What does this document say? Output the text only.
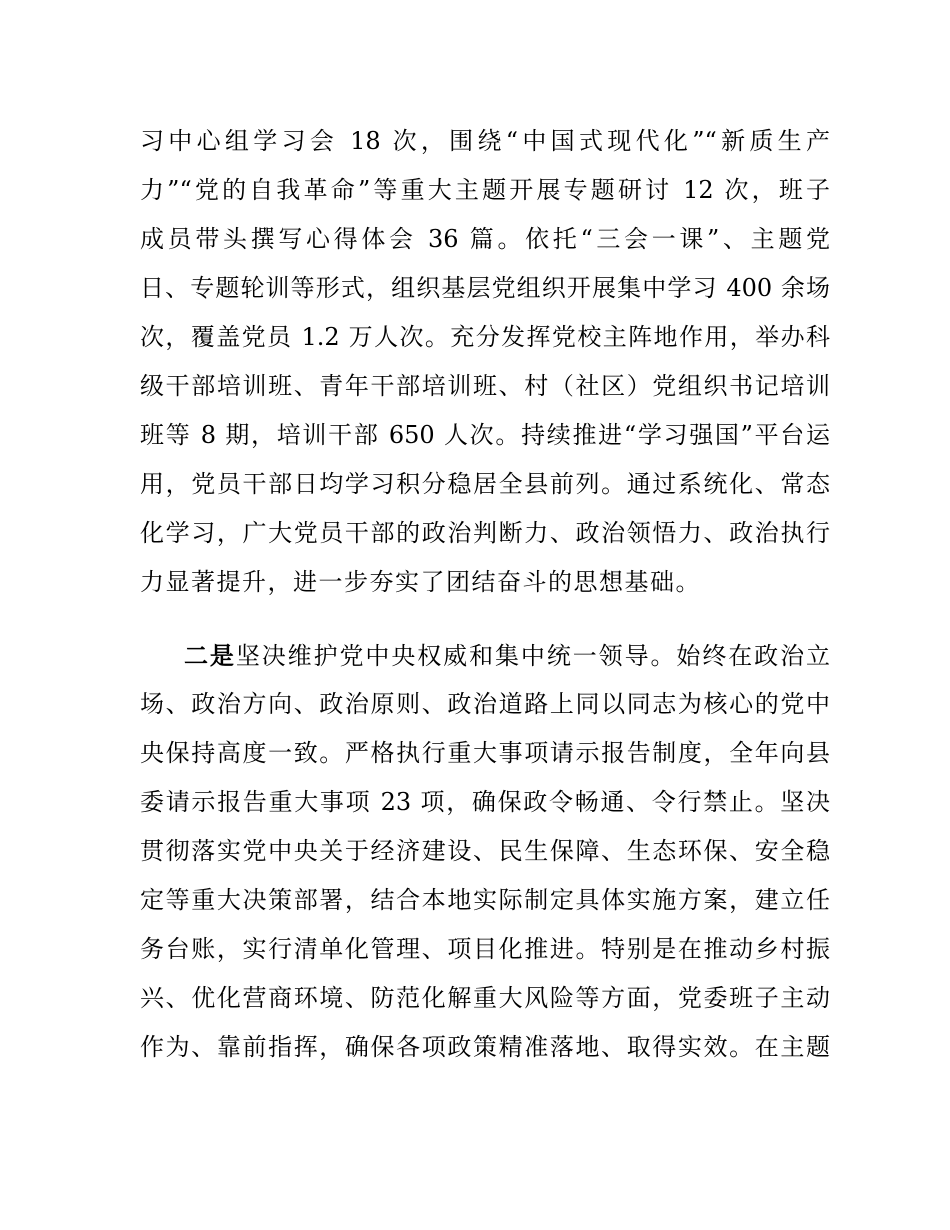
习中心组学习会 18 次，围绕“中国式现代化”“新质生产
力”“党的自我革命”等重大主题开展专题研讨 12 次，班子
成员带头撰写心得体会 36 篇。依托“三会一课”、主题党
日、专题轮训等形式，组织基层党组织开展集中学习 400 余场
次，覆盖党员 1.2 万人次。充分发挥党校主阵地作用，举办科
级干部培训班、青年干部培训班、村（社区）党组织书记培训
班等 8 期，培训干部 650 人次。持续推进“学习强国”平台运
用，党员干部日均学习积分稳居全县前列。通过系统化、常态
化学习，广大党员干部的政治判断力、政治领悟力、政治执行
力显著提升，进一步夯实了团结奋斗的思想基础。
二是坚决维护党中央权威和集中统一领导。始终在政治立
场、政治方向、政治原则、政治道路上同以同志为核心的党中
央保持高度一致。严格执行重大事项请示报告制度，全年向县
委请示报告重大事项 23 项，确保政令畅通、令行禁止。坚决
贯彻落实党中央关于经济建设、民生保障、生态环保、安全稳
定等重大决策部署，结合本地实际制定具体实施方案，建立任
务台账，实行清单化管理、项目化推进。特别是在推动乡村振
兴、优化营商环境、防范化解重大风险等方面，党委班子主动
作为、靠前指挥，确保各项政策精准落地、取得实效。在主题
